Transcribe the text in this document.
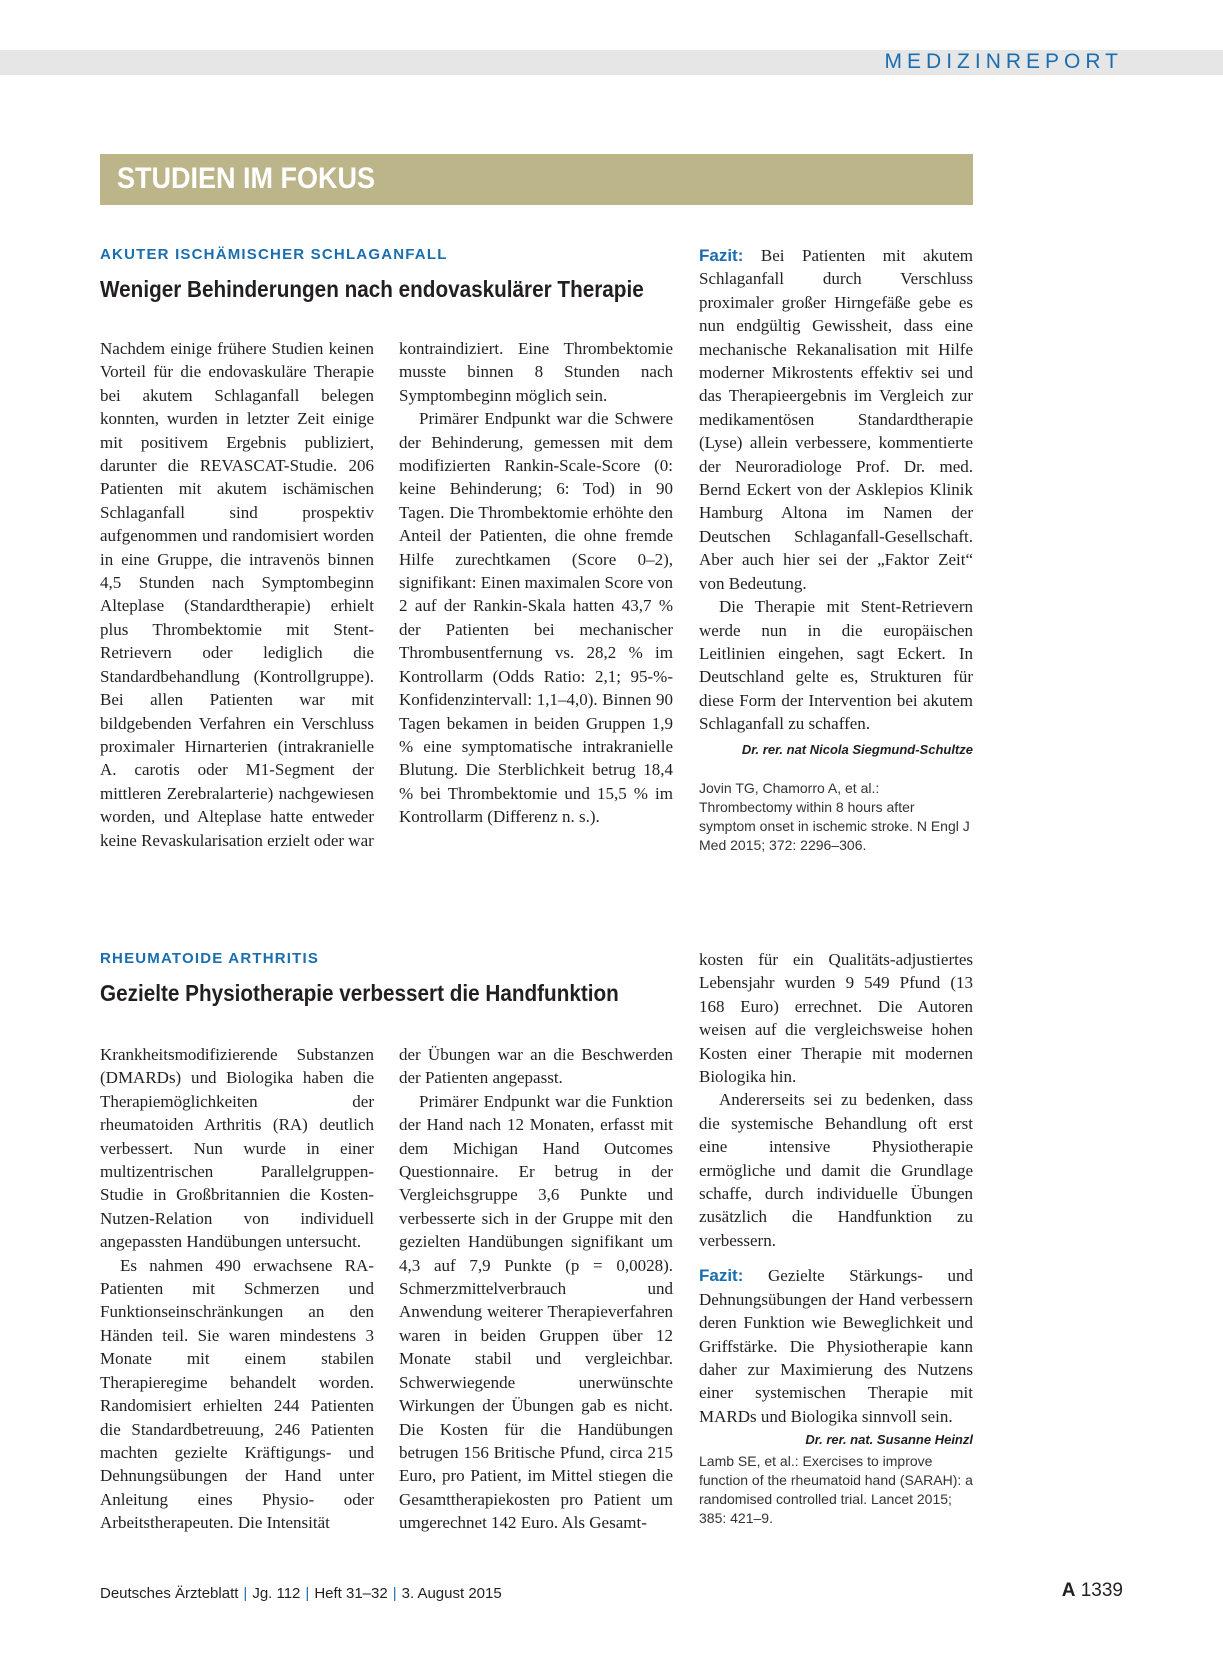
MEDIZINREPORT
STUDIEN IM FOKUS
AKUTER ISCHÄMISCHER SCHLAGANFALL
Weniger Behinderungen nach endovaskulärer Therapie

Nachdem einige frühere Studien keinen Vorteil für die endovaskuläre Therapie bei akutem Schlaganfall belegen konnten, wurden in letzter Zeit einige mit positivem Ergebnis publiziert, darunter die REVASCAT-Studie. 206 Patienten mit akutem ischämischen Schlaganfall sind prospektiv aufgenommen und randomisiert worden in eine Gruppe, die intravenös binnen 4,5 Stunden nach Symptombeginn Alteplase (Standardtherapie) erhielt plus Thrombektomie mit Stent-Retrievern oder lediglich die Standardbehandlung (Kontrollgruppe). Bei allen Patienten war mit bildgebenden Verfahren ein Verschluss proximaler Hirnarterien (intrakranielle A. carotis oder M1-Segment der mittleren Zerebralarterie) nachgewiesen worden, und Alteplase hatte entweder keine Revaskularisation erzielt oder war

kontraindiziert. Eine Thrombektomie musste binnen 8 Stunden nach Symptombeginn möglich sein.

Primärer Endpunkt war die Schwere der Behinderung, gemessen mit dem modifizierten Rankin-Scale-Score (0: keine Behinderung; 6: Tod) in 90 Tagen. Die Thrombektomie erhöhte den Anteil der Patienten, die ohne fremde Hilfe zurechtkamen (Score 0–2), signifikant: Einen maximalen Score von 2 auf der Rankin-Skala hatten 43,7 % der Patienten bei mechanischer Thrombusentfernung vs. 28,2 % im Kontrollarm (Odds Ratio: 2,1; 95-%-Konfidenzintervall: 1,1–4,0). Binnen 90 Tagen bekamen in beiden Gruppen 1,9 % eine symptomatische intrakranielle Blutung. Die Sterblichkeit betrug 18,4 % bei Thrombektomie und 15,5 % im Kontrollarm (Differenz n. s.).

Fazit: Bei Patienten mit akutem Schlaganfall durch Verschluss proximaler großer Hirngefäße gebe es nun endgültig Gewissheit, dass eine mechanische Rekanalisation mit Hilfe moderner Mikrostents effektiv sei und das Therapieergebnis im Vergleich zur medikamentösen Standardtherapie (Lyse) allein verbessere, kommentierte der Neuroradiologe Prof. Dr. med. Bernd Eckert von der Asklepios Klinik Hamburg Altona im Namen der Deutschen Schlaganfall-Gesellschaft. Aber auch hier sei der „Faktor Zeit“ von Bedeutung.

Die Therapie mit Stent-Retrievern werde nun in die europäischen Leitlinien eingehen, sagt Eckert. In Deutschland gelte es, Strukturen für diese Form der Intervention bei akutem Schlaganfall zu schaffen.

Dr. rer. nat Nicola Siegmund-Schultze
Jovin TG, Chamorro A, et al.: Thrombectomy within 8 hours after symptom onset in ischemic stroke. N Engl J Med 2015; 372: 2296–306.
RHEUMATOIDE ARTHRITIS
Gezielte Physiotherapie verbessert die Handfunktion

Krankheitsmodifizierende Substanzen (DMARDs) und Biologika haben die Therapiemöglichkeiten der rheumatoiden Arthritis (RA) deutlich verbessert. Nun wurde in einer multizentrischen Parallelgruppen-Studie in Großbritannien die Kosten-Nutzen-Relation von individuell angepassten Handübungen untersucht.

Es nahmen 490 erwachsene RA-Patienten mit Schmerzen und Funktionseinschränkungen an den Händen teil. Sie waren mindestens 3 Monate mit einem stabilen Therapieregime behandelt worden. Randomisiert erhielten 244 Patienten die Standardbetreuung, 246 Patienten machten gezielte Kräftigungs- und Dehnungsübungen der Hand unter Anleitung eines Physio- oder Arbeitstherapeuten. Die Intensität

der Übungen war an die Beschwerden der Patienten angepasst.

Primärer Endpunkt war die Funktion der Hand nach 12 Monaten, erfasst mit dem Michigan Hand Outcomes Questionnaire. Er betrug in der Vergleichsgruppe 3,6 Punkte und verbesserte sich in der Gruppe mit den gezielten Handübungen signifikant um 4,3 auf 7,9 Punkte (p = 0,0028). Schmerzmittelverbrauch und Anwendung weiterer Therapieverfahren waren in beiden Gruppen über 12 Monate stabil und vergleichbar. Schwerwiegende unerwünschte Wirkungen der Übungen gab es nicht. Die Kosten für die Handübungen betrugen 156 Britische Pfund, circa 215 Euro, pro Patient, im Mittel stiegen die Gesamttherapiekosten pro Patient um umgerechnet 142 Euro. Als Gesamt-

kosten für ein Qualitäts-adjustiertes Lebensjahr wurden 9 549 Pfund (13 168 Euro) errechnet. Die Autoren weisen auf die vergleichsweise hohen Kosten einer Therapie mit modernen Biologika hin.

Andererseits sei zu bedenken, dass die systemische Behandlung oft erst eine intensive Physiotherapie ermögliche und damit die Grundlage schaffe, durch individuelle Übungen zusätzlich die Handfunktion zu verbessern.

Fazit: Gezielte Stärkungs- und Dehnungsübungen der Hand verbessern deren Funktion wie Beweglichkeit und Griffstärke. Die Physiotherapie kann daher zur Maximierung des Nutzens einer systemischen Therapie mit MARDs und Biologika sinnvoll sein.
Dr. rer. nat. Susanne Heinzl

Lamb SE, et al.: Exercises to improve function of the rheumatoid hand (SARAH): a randomised controlled trial. Lancet 2015; 385: 421–9.
Deutsches Ärzteblatt | Jg. 112 | Heft 31–32 | 3. August 2015	A 1339
